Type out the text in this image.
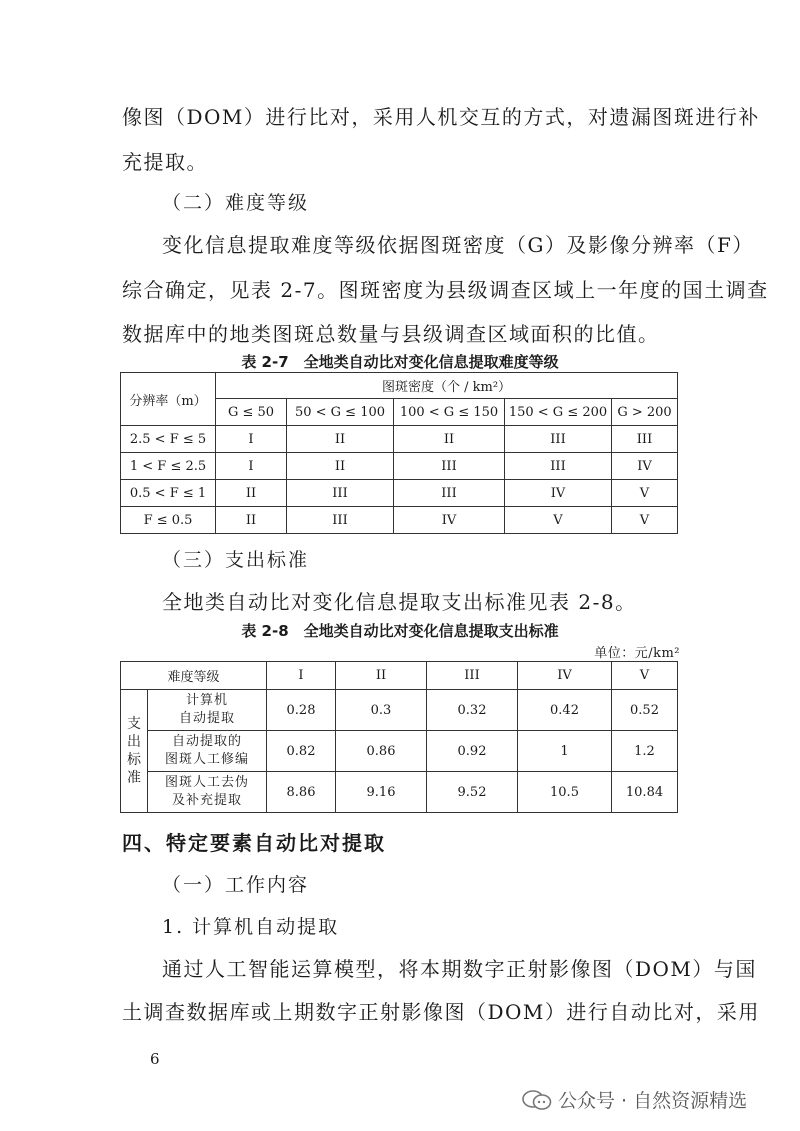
像图（DOM）进行比对，采用人机交互的方式，对遗漏图斑进行补
充提取。
（二）难度等级
变化信息提取难度等级依据图斑密度（G）及影像分辨率（F）
综合确定，见表 2-7。图斑密度为县级调查区域上一年度的国土调查
数据库中的地类图斑总数量与县级调查区域面积的比值。
表 2-7　全地类自动比对变化信息提取难度等级
分辨率（m）	图斑密度（个 / km²）				
	G ≤ 50	50 < G ≤ 100	100 < G ≤ 150	150 < G ≤ 200	G > 200
2.5 < F ≤ 5	I	II	II	III	III
1 < F ≤ 2.5	I	II	III	III	IV
0.5 < F ≤ 1	II	III	III	IV	V
F ≤ 0.5	II	III	IV	V	V
（三）支出标准
全地类自动比对变化信息提取支出标准见表 2-8。
表 2-8　全地类自动比对变化信息提取支出标准
单位：元/km²
难度等级		I	II	III	IV	V
支
出
标
准	计算机
自动提取	0.28	0.3	0.32	0.42	0.52
	自动提取的
图斑人工修编	0.82	0.86	0.92	1	1.2
	图斑人工去伪
及补充提取	8.86	9.16	9.52	10.5	10.84
四、特定要素自动比对提取
（一）工作内容
1. 计算机自动提取
通过人工智能运算模型，将本期数字正射影像图（DOM）与国
土调查数据库或上期数字正射影像图（DOM）进行自动比对，采用
6
公众号 · 自然资源精选
